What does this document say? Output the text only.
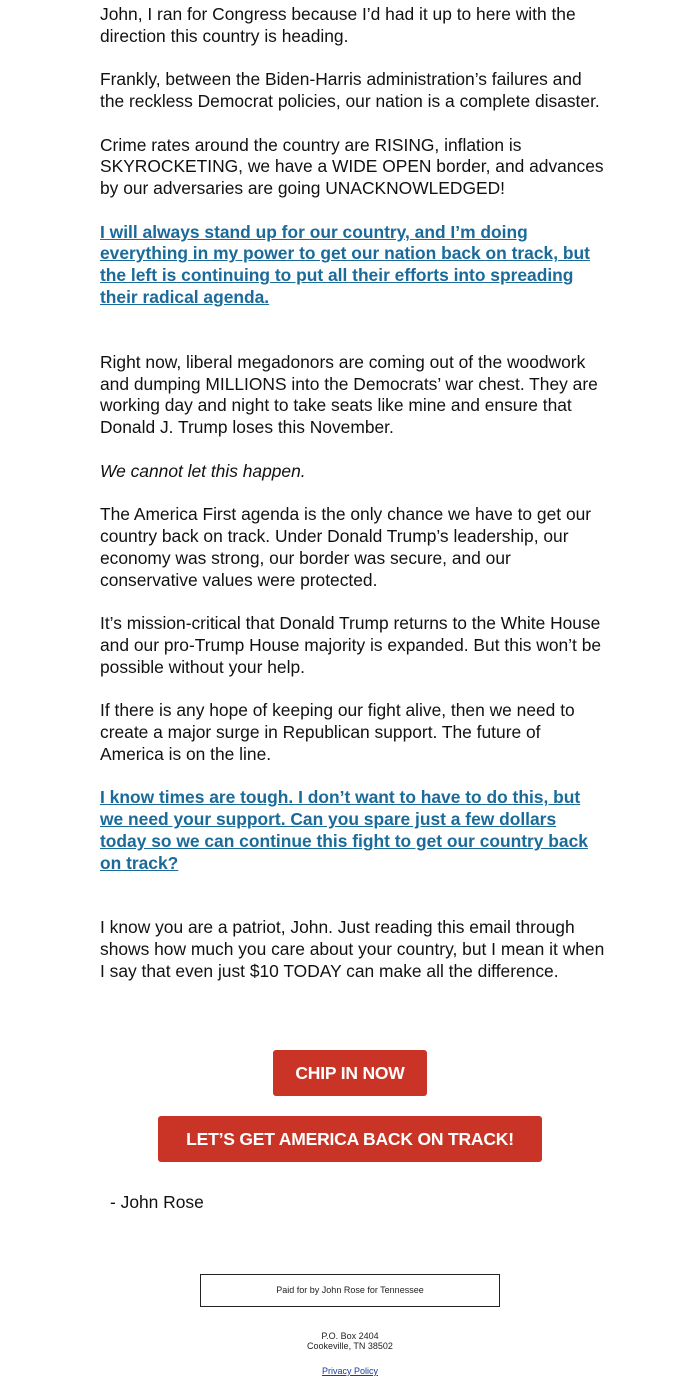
John, I ran for Congress because I’d had it up to here with the direction this country is heading.

Frankly, between the Biden-Harris administration’s failures and the reckless Democrat policies, our nation is a complete disaster.

Crime rates around the country are RISING, inflation is SKYROCKETING, we have a WIDE OPEN border, and advances by our adversaries are going UNACKNOWLEDGED!

I will always stand up for our country, and I’m doing everything in my power to get our nation back on track, but the left is continuing to put all their efforts into spreading their radical agenda.

Right now, liberal megadonors are coming out of the woodwork and dumping MILLIONS into the Democrats’ war chest. They are working day and night to take seats like mine and ensure that Donald J. Trump loses this November.

We cannot let this happen.

The America First agenda is the only chance we have to get our country back on track. Under Donald Trump’s leadership, our economy was strong, our border was secure, and our conservative values were protected.

It’s mission-critical that Donald Trump returns to the White House and our pro-Trump House majority is expanded. But this won’t be possible without your help.

If there is any hope of keeping our fight alive, then we need to create a major surge in Republican support. The future of America is on the line.

I know times are tough. I don’t want to have to do this, but we need your support. Can you spare just a few dollars today so we can continue this fight to get our country back on track?

I know you are a patriot, John. Just reading this email through shows how much you care about your country, but I mean it when I say that even just $10 TODAY can make all the difference.

CHIP IN NOW
LET’S GET AMERICA BACK ON TRACK!
- John Rose
Paid for by John Rose for Tennessee
P.O. Box 2404
Cookeville, TN 38502
Privacy Policy
